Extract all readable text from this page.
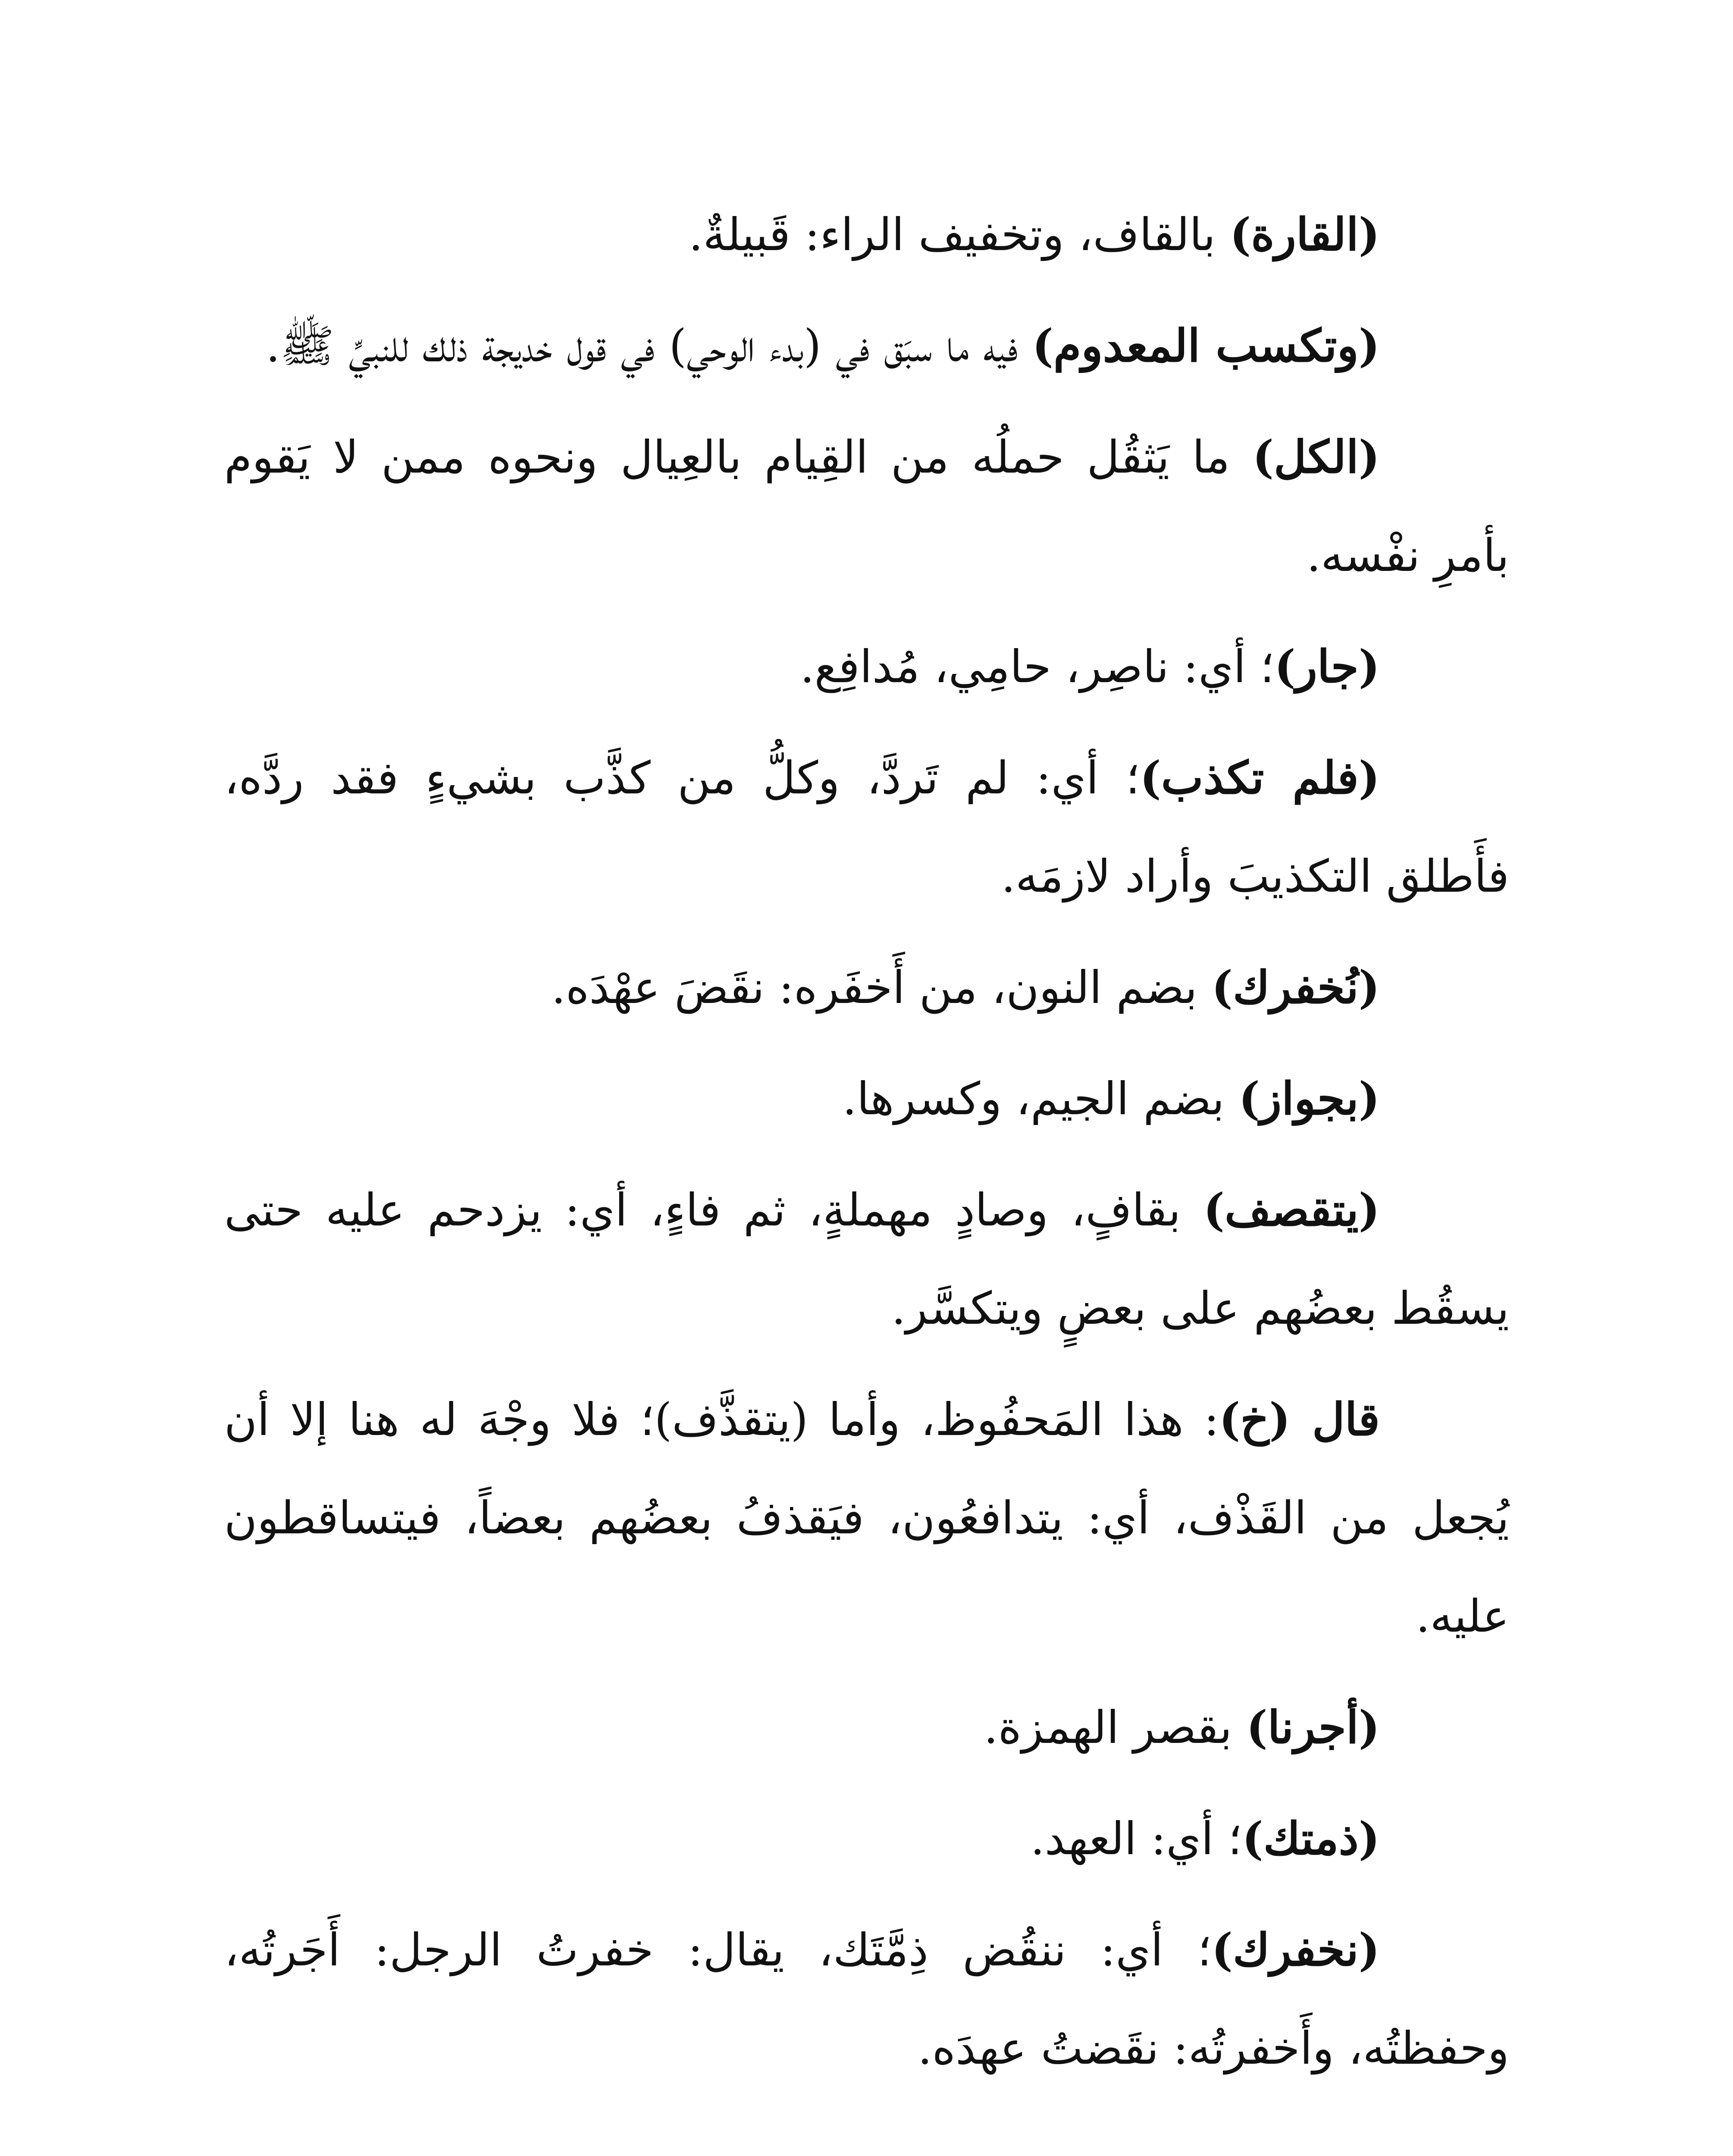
(القارة) بالقاف، وتخفيف الراء: قَبيلةٌ.

(وتكسب المعدوم) فيه ما سبَق في (بدء الوحي) في قول خديجة ذلك للنبيِّ ﷺ.

(الكل) ما يَثقُل حملُه من القِيام بالعِيال ونحوه ممن لا يَقوم بأمرِ نفْسه.

(جار)؛ أي: ناصِر، حامِي، مُدافِع.

(فلم تكذب)؛ أي: لم تَردَّ، وكلُّ من كذَّب بشيءٍ فقد ردَّه، فأَطلق التكذيبَ وأراد لازمَه.

(نُخفرك) بضم النون، من أَخفَره: نقَضَ عهْدَه.

(بجواز) بضم الجيم، وكسرها.

(يتقصف) بقافٍ، وصادٍ مهملةٍ، ثم فاءٍ، أي: يزدحم عليه حتى يسقُط بعضُهم على بعضٍ ويتكسَّر.

قال (خ): هذا المَحفُوظ، وأما (يتقذَّف)؛ فلا وجْهَ له هنا إلا أن يُجعل من القَذْف، أي: يتدافعُون، فيَقذفُ بعضُهم بعضاً، فيتساقطون عليه.

(أجرنا) بقصر الهمزة.

(ذمتك)؛ أي: العهد.

(نخفرك)؛ أي: ننقُض ذِمَّتَك، يقال: خفرتُ الرجل: أَجَرتُه، وحفظتُه، وأَخفرتُه: نقَضتُ عهدَه.
